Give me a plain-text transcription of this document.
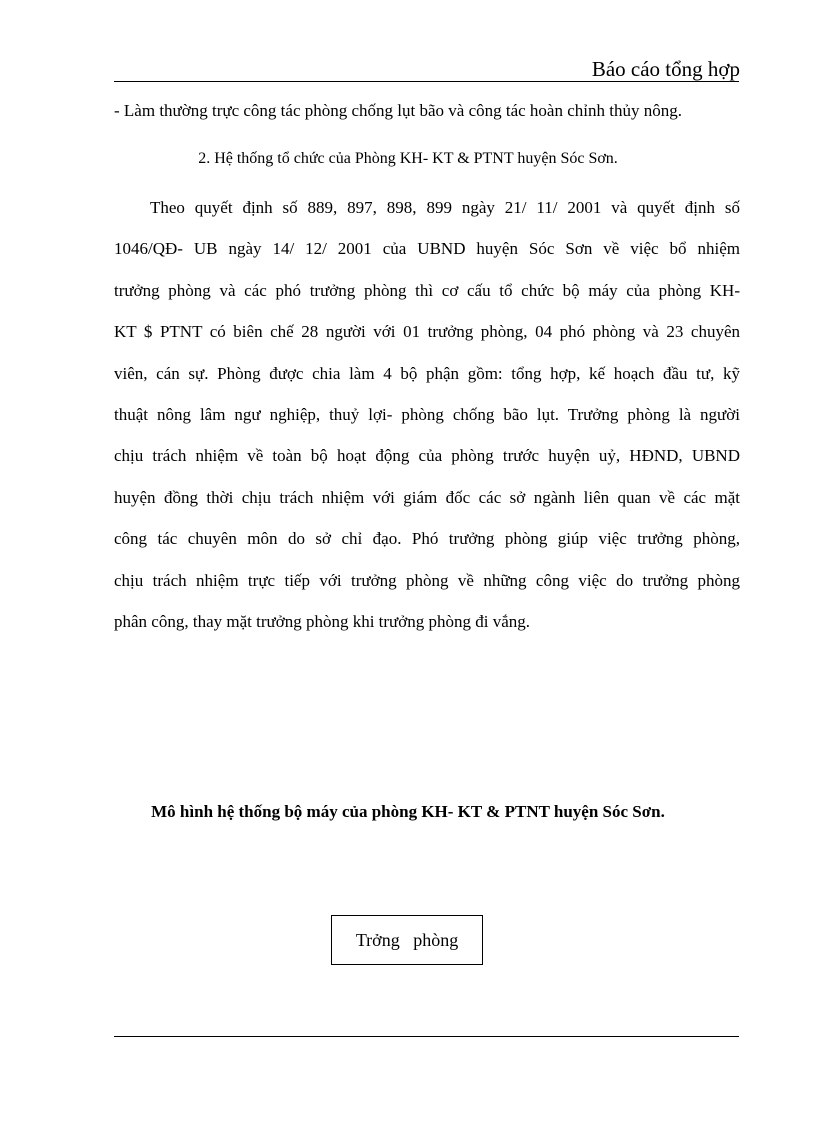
Báo cáo tổng hợp
- Làm thường trực công tác phòng chống lụt bão và công tác hoàn chỉnh thủy nông.
2. Hệ thống tổ chức của Phòng KH- KT & PTNT huyện Sóc Sơn.
Theo quyết định số 889, 897, 898, 899 ngày 21/ 11/ 2001 và quyết định số
1046/QĐ- UB ngày 14/ 12/ 2001 của UBND huyện Sóc Sơn về việc bổ nhiệm
trưởng phòng và các phó trưởng phòng thì cơ cấu tổ chức bộ máy của phòng KH-
KT $ PTNT có biên chế 28 người với 01 trưởng phòng, 04 phó phòng và 23 chuyên
viên, cán sự. Phòng được chia làm 4 bộ phận gồm: tổng hợp, kế hoạch đầu tư, kỹ
thuật nông lâm ngư nghiệp, thuỷ lợi- phòng chống bão lụt. Trưởng phòng là người
chịu trách nhiệm về toàn bộ hoạt động của phòng trước huyện uỷ, HĐND, UBND
huyện đồng thời chịu trách nhiệm với giám đốc các sở ngành liên quan về các mặt
công tác chuyên môn do sở chỉ đạo. Phó trưởng phòng giúp việc trưởng phòng,
chịu trách nhiệm trực tiếp với trưởng phòng về những công việc do trưởng phòng
phân công, thay mặt trưởng phòng khi trưởng phòng đi vắng.
Mô hình hệ thống bộ máy của phòng KH- KT & PTNT huyện Sóc Sơn.
Trởng   phòng
